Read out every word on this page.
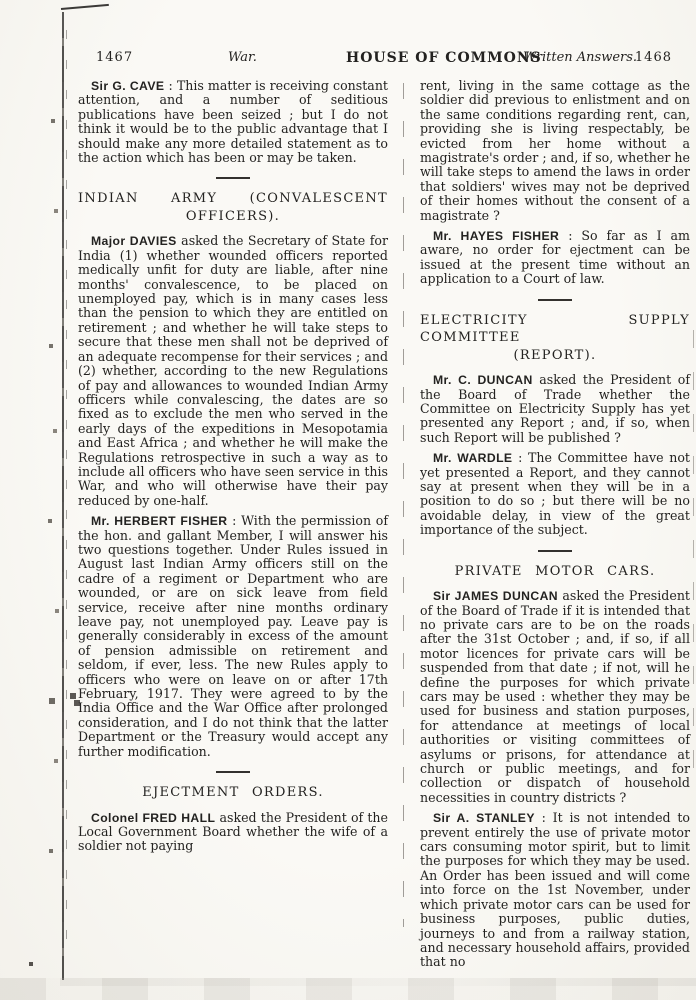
1467	War.	HOUSE OF COMMONS
Written Answers.
1468

Sir G. CAVE : This matter is receiving constant attention, and a number of seditious publications have been seized ; but I do not think it would be to the public advantage that I should make any more detailed statement as to the action which has been or may be taken.

INDIAN ARMY (CONVALESCENT
OFFICERS).

Major DAVIES asked the Secretary of State for India (1) whether wounded officers reported medically unfit for duty are liable, after nine months' convalescence, to be placed on unemployed pay, which is in many cases less than the pension to which they are entitled on retirement ; and whether he will take steps to secure that these men shall not be deprived of an adequate recompense for their services ; and (2) whether, according to the new Regulations of pay and allowances to wounded Indian Army officers while convalescing, the dates are so fixed as to exclude the men who served in the early days of the expeditions in Mesopotamia and East Africa ; and whether he will make the Regulations retrospective in such a way as to include all officers who have seen service in this War, and who will otherwise have their pay reduced by one-half.

Mr. HERBERT FISHER : With the permission of the hon. and gallant Member, I will answer his two questions together. Under Rules issued in August last Indian Army officers still on the cadre of a regiment or Department who are wounded, or are on sick leave from field service, receive after nine months ordinary leave pay, not unemployed pay. Leave pay is generally considerably in excess of the amount of pension admissible on retirement and seldom, if ever, less. The new Rules apply to officers who were on leave on or after 17th February, 1917. They were agreed to by the India Office and the War Office after prolonged consideration, and I do not think that the latter Department or the Treasury would accept any further modification.

EJECTMENT ORDERS.

Colonel FRED HALL asked the President of the Local Government Board whether the wife of a soldier not paying

rent, living in the same cottage as the soldier did previous to enlistment and on the same conditions regarding rent, can, providing she is living respectably, be evicted from her home without a magistrate's order ; and, if so, whether he will take steps to amend the laws in order that soldiers' wives may not be deprived of their homes without the consent of a magistrate ?

Mr. HAYES FISHER : So far as I am aware, no order for ejectment can be issued at the present time without an application to a Court of law.

ELECTRICITY SUPPLY COMMITTEE
(REPORT).

Mr. C. DUNCAN asked the President of the Board of Trade whether the Committee on Electricity Supply has yet presented any Report ; and, if so, when such Report will be published ?

Mr. WARDLE : The Committee have not yet presented a Report, and they cannot say at present when they will be in a position to do so ; but there will be no avoidable delay, in view of the great importance of the subject.

PRIVATE MOTOR CARS.

Sir JAMES DUNCAN asked the President of the Board of Trade if it is intended that no private cars are to be on the roads after the 31st October ; and, if so, if all motor licences for private cars will be suspended from that date ; if not, will he define the purposes for which private cars may be used : whether they may be used for business and station purposes, for attendance at meetings of local authorities or visiting committees of asylums or prisons, for attendance at church or public meetings, and for collection or dispatch of household necessities in country districts ?

Sir A. STANLEY : It is not intended to prevent entirely the use of private motor cars consuming motor spirit, but to limit the purposes for which they may be used. An Order has been issued and will come into force on the 1st November, under which private motor cars can be used for business purposes, public duties, journeys to and from a railway station, and necessary household affairs, provided that no
